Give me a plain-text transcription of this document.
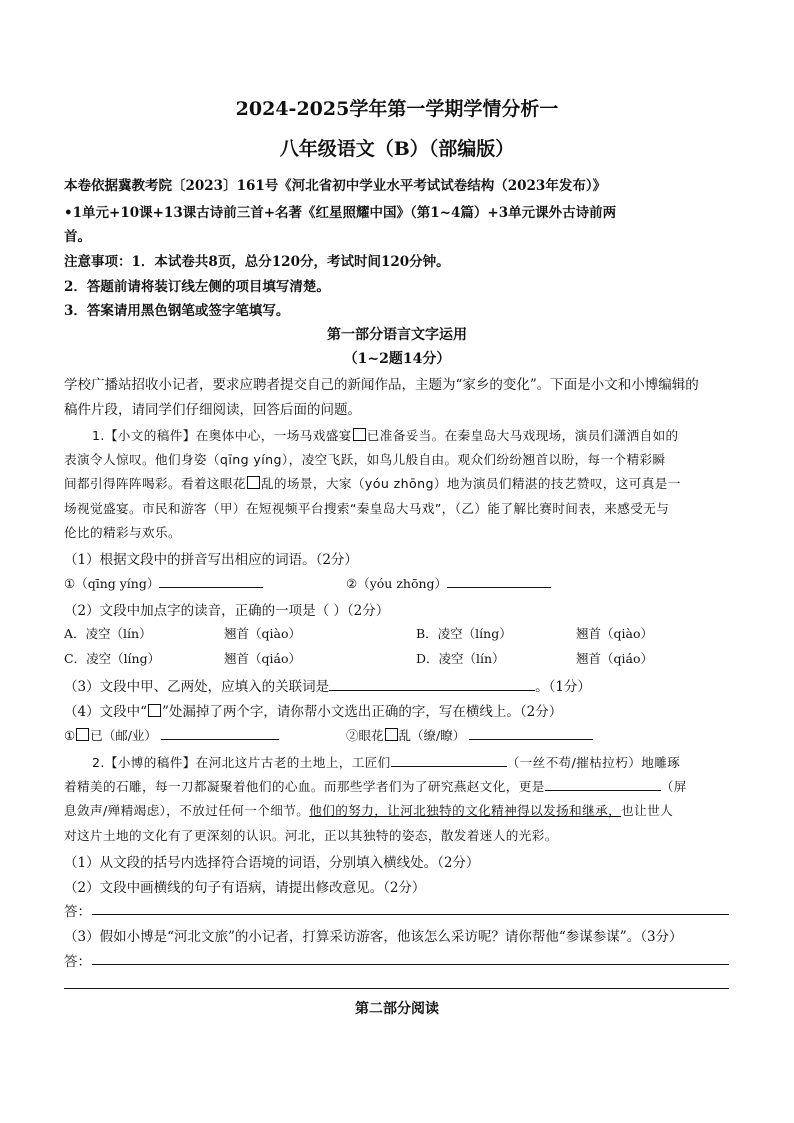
2024-2025学年第一学期学情分析一
八年级语文（B）（部编版）
本卷依据冀教考院〔2023〕161号《河北省初中学业水平考试试卷结构（2023年发布）》
•1单元+10课+13课古诗前三首+名著《红星照耀中国》（第1~4篇）+3单元课外古诗前两
首。
注意事项：1．本试卷共8页，总分120分，考试时间120分钟。
2．答题前请将装订线左侧的项目填写清楚。
3．答案请用黑色钢笔或签字笔填写。
第一部分语言文字运用
（1~2题14分）
学校广播站招收小记者，要求应聘者提交自己的新闻作品，主题为“家乡的变化”。下面是小文和小博编辑的
稿件片段，请同学们仔细阅读，回答后面的问题。
1.【小文的稿件】在奥体中心，一场马戏盛宴 已准备妥当。在秦皇岛大马戏现场，演员们潇洒自如的
表演令人惊叹。他们身姿（qīng yíng），凌空飞跃，如鸟儿般自由。观众们纷纷翘首以盼，每一个精彩瞬
间都引得阵阵喝彩。看着这眼花 乱的场景，大家（yóu zhōng）地为演员们精湛的技艺赞叹，这可真是一
场视觉盛宴。市民和游客（甲）在短视频平台搜索“秦皇岛大马戏”，（乙）能了解比赛时间表，来感受无与
伦比的精彩与欢乐。
（1）根据文段中的拼音写出相应的词语。（2分）
①（qīng yíng）	②（yóu zhōng）
（2）文段中加点字的读音，正确的一项是（ ）（2分）
A．凌空（lín）	翘首（qiào）	B．凌空（líng）	翘首（qiào）
C．凌空（líng）	翘首（qiáo）	D．凌空（lín）	翘首（qiáo）
（3）文段中甲、乙两处，应填入的关联词是	。（1分）
（4）文段中“ ”处漏掉了两个字，请你帮小文选出正确的字，写在横线上。（2分）
① 已（邮/业）	②眼花 乱（缭/瞭）
2.【小博的稿件】在河北这片古老的土地上，工匠们	（一丝不苟/摧枯拉朽）地雕琢
着精美的石雕，每一刀都凝聚着他们的心血。而那些学者们为了研究燕赵文化，更是	（屏
息敛声/殚精竭虑），不放过任何一个细节。他们的努力，让河北独特的文化精神得以发扬和继承，也让世人
对这片土地的文化有了更深刻的认识。河北，正以其独特的姿态，散发着迷人的光彩。
（1）从文段的括号内选择符合语境的词语，分别填入横线处。（2分）
（2）文段中画横线的句子有语病，请提出修改意见。（2分）
答：
（3）假如小博是“河北文旅”的小记者，打算采访游客，他该怎么采访呢？请你帮他“参谋参谋”。（3分）
答：
第二部分阅读
